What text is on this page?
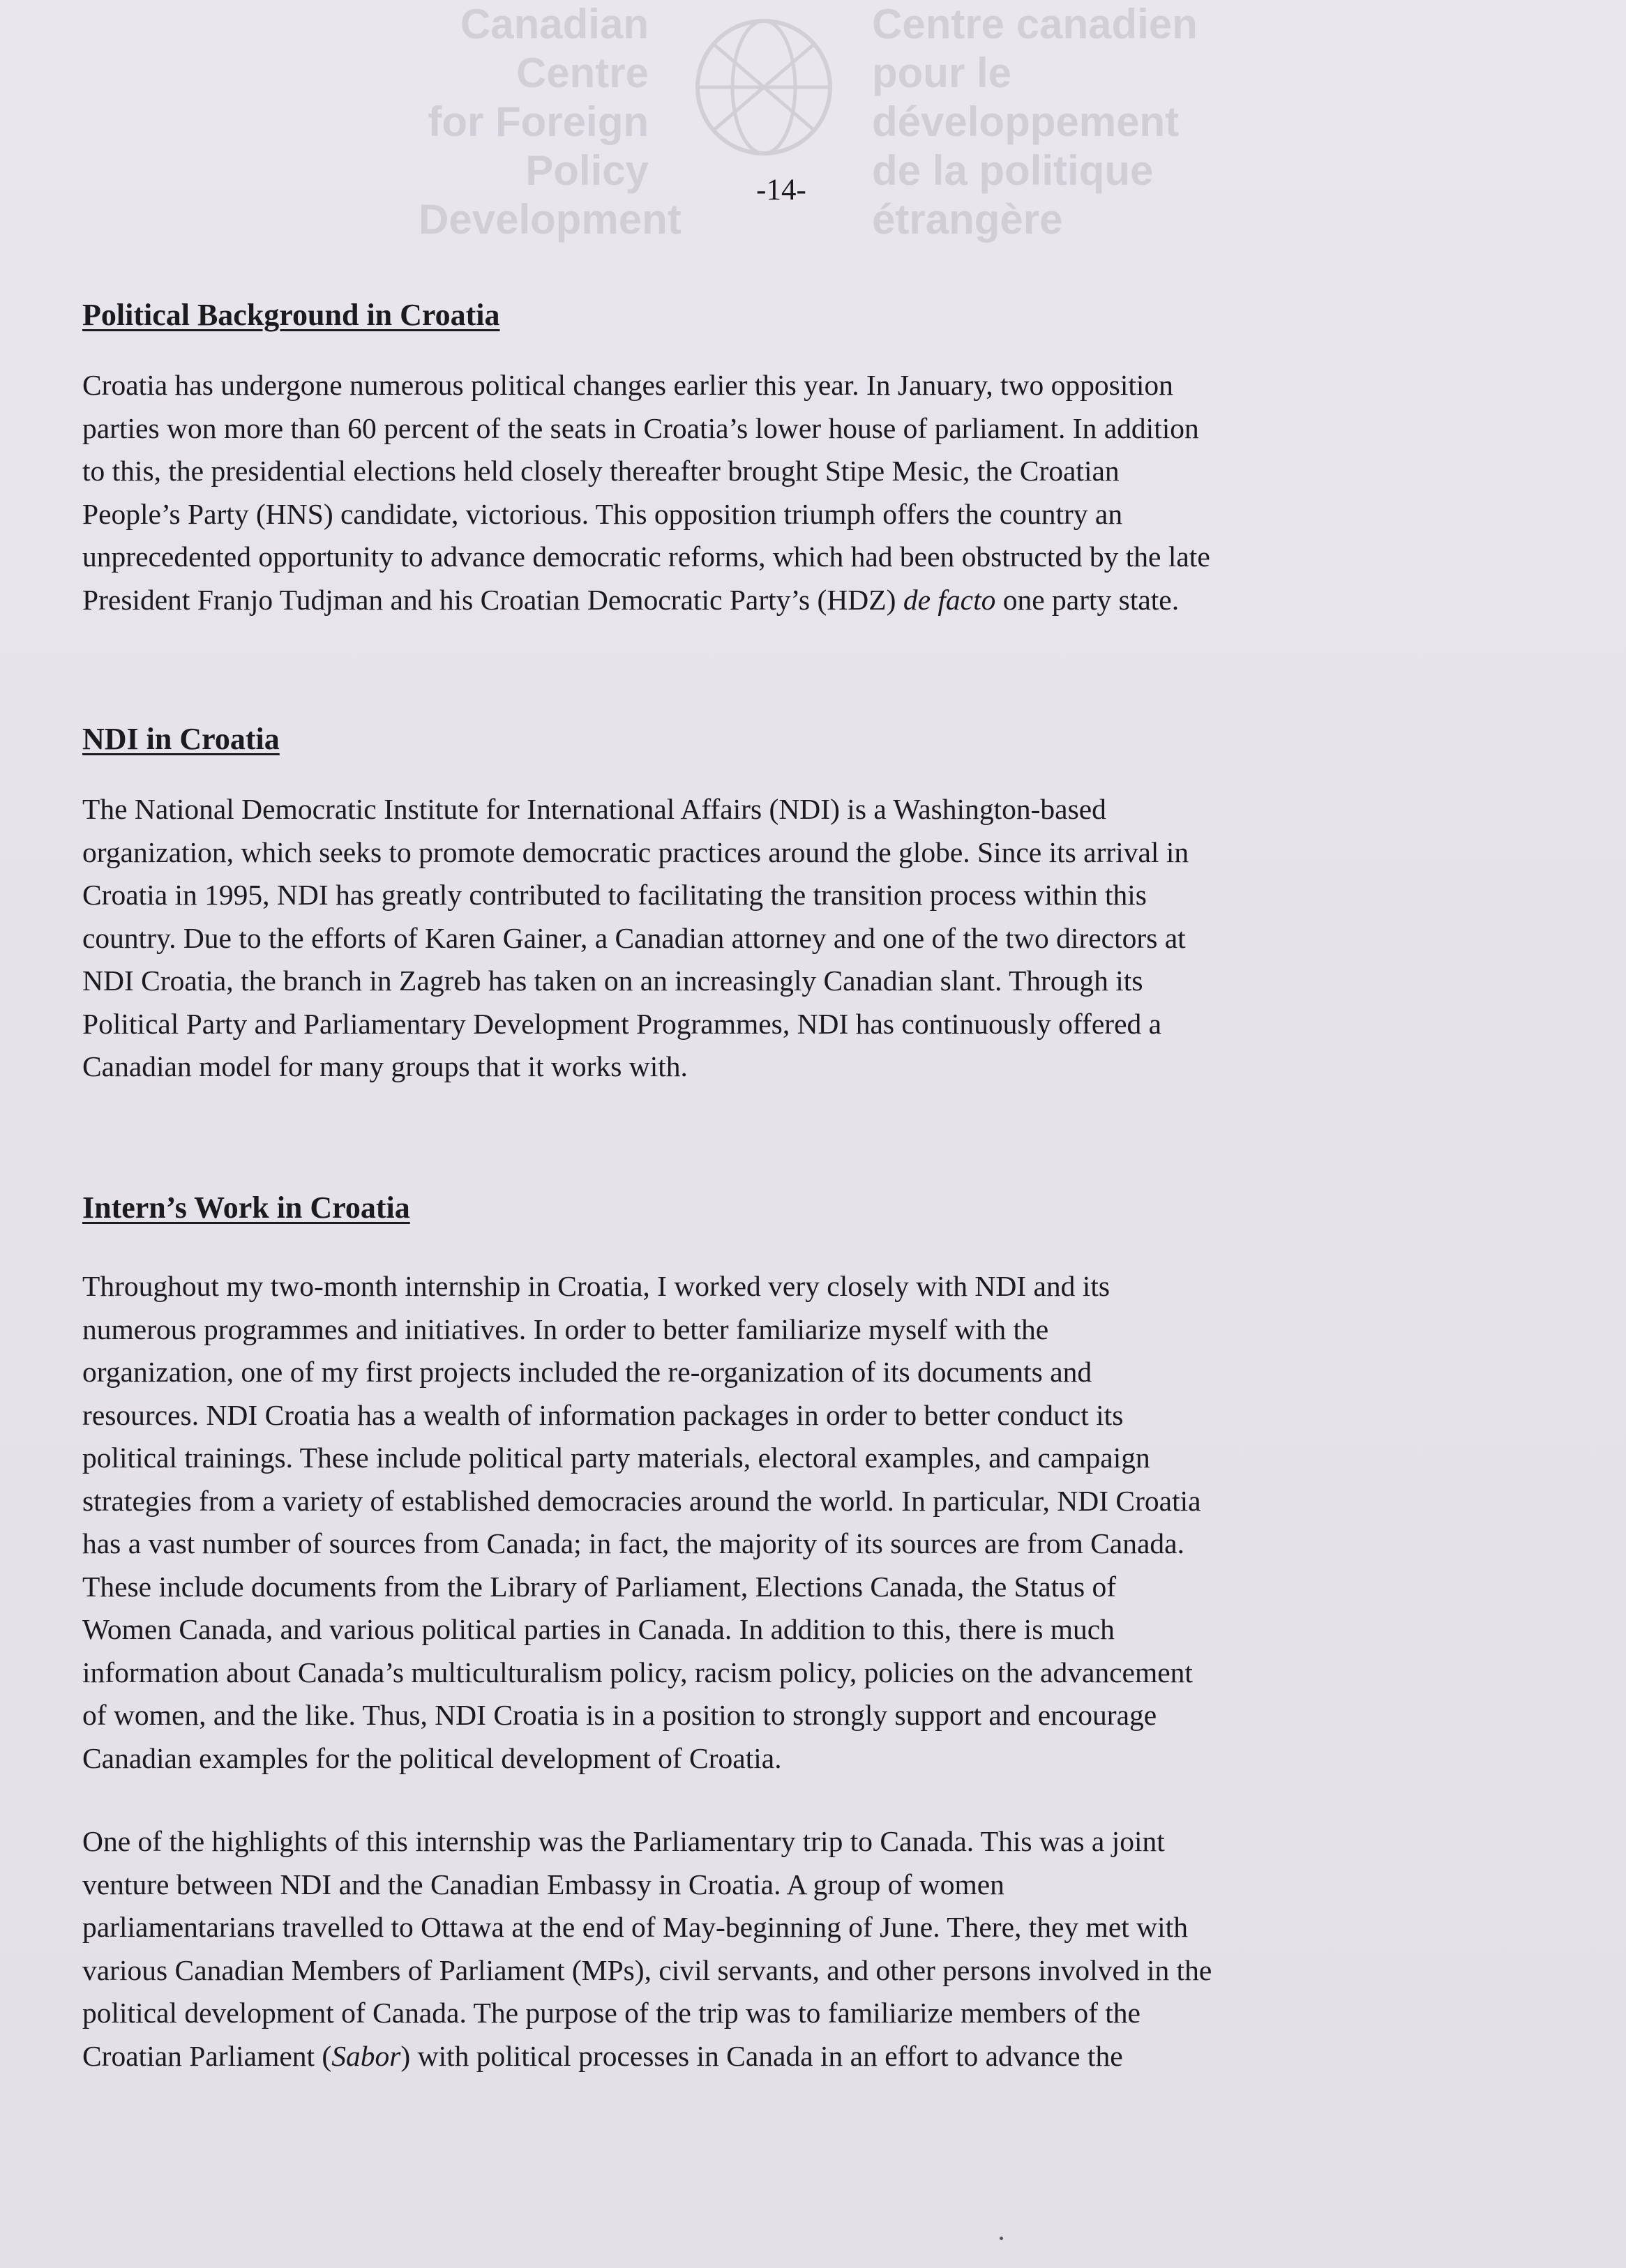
Canadian Centre
for Foreign Policy
Development
Centre canadien
pour le développement
de la politique étrangère
-14-
Political Background in Croatia

Croatia has undergone numerous political changes earlier this year. In January, two opposition
parties won more than 60 percent of the seats in Croatia’s lower house of parliament. In addition
to this, the presidential elections held closely thereafter brought Stipe Mesic, the Croatian
People’s Party (HNS) candidate, victorious. This opposition triumph offers the country an
unprecedented opportunity to advance democratic reforms, which had been obstructed by the late
President Franjo Tudjman and his Croatian Democratic Party’s (HDZ) de facto one party state.

NDI in Croatia

The National Democratic Institute for International Affairs (NDI) is a Washington-based
organization, which seeks to promote democratic practices around the globe. Since its arrival in
Croatia in 1995, NDI has greatly contributed to facilitating the transition process within this
country. Due to the efforts of Karen Gainer, a Canadian attorney and one of the two directors at
NDI Croatia, the branch in Zagreb has taken on an increasingly Canadian slant. Through its
Political Party and Parliamentary Development Programmes, NDI has continuously offered a
Canadian model for many groups that it works with.

Intern’s Work in Croatia

Throughout my two-month internship in Croatia, I worked very closely with NDI and its
numerous programmes and initiatives. In order to better familiarize myself with the
organization, one of my first projects included the re-organization of its documents and
resources. NDI Croatia has a wealth of information packages in order to better conduct its
political trainings. These include political party materials, electoral examples, and campaign
strategies from a variety of established democracies around the world. In particular, NDI Croatia
has a vast number of sources from Canada; in fact, the majority of its sources are from Canada.
These include documents from the Library of Parliament, Elections Canada, the Status of
Women Canada, and various political parties in Canada. In addition to this, there is much
information about Canada’s multiculturalism policy, racism policy, policies on the advancement
of women, and the like. Thus, NDI Croatia is in a position to strongly support and encourage
Canadian examples for the political development of Croatia.

One of the highlights of this internship was the Parliamentary trip to Canada. This was a joint
venture between NDI and the Canadian Embassy in Croatia. A group of women
parliamentarians travelled to Ottawa at the end of May-beginning of June. There, they met with
various Canadian Members of Parliament (MPs), civil servants, and other persons involved in the
political development of Canada. The purpose of the trip was to familiarize members of the
Croatian Parliament (Sabor) with political processes in Canada in an effort to advance the
